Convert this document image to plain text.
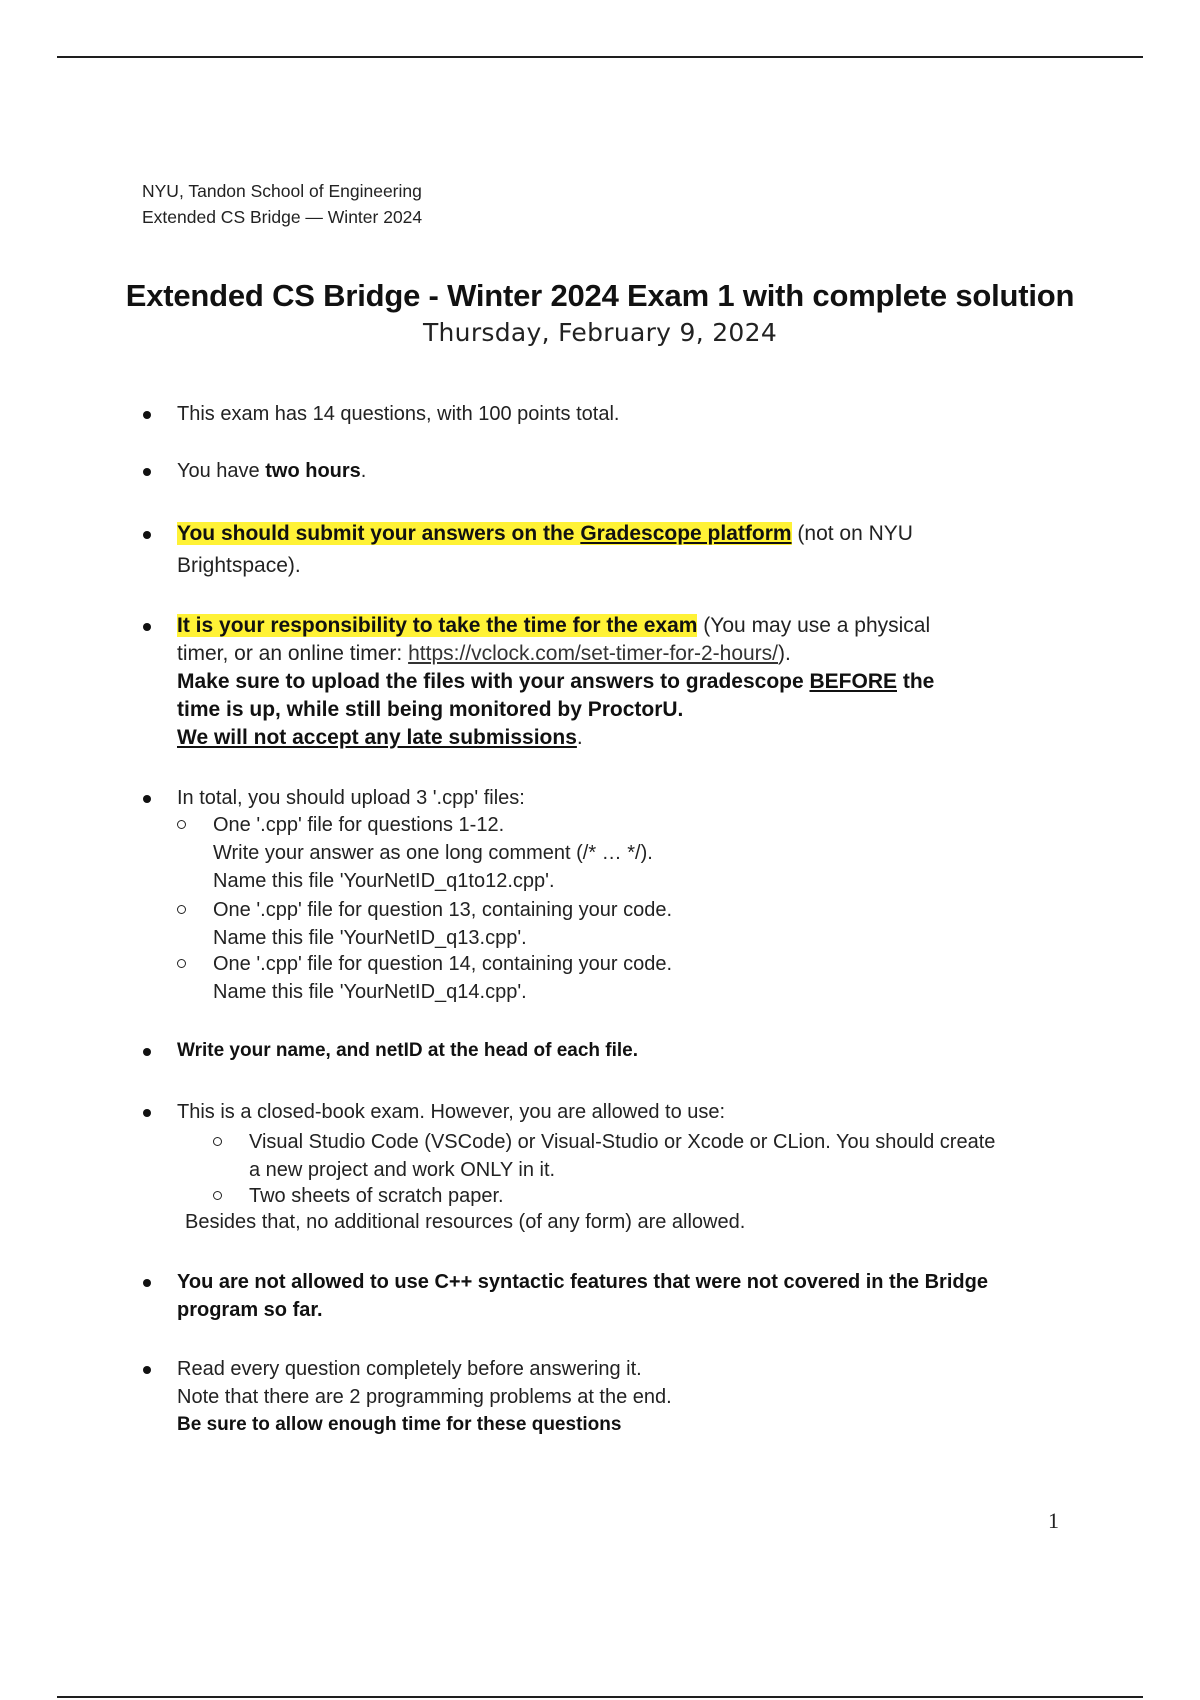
NYU, Tandon School of Engineering
Extended CS Bridge — Winter 2024
Extended CS Bridge - Winter 2024 Exam 1 with complete solution
Thursday, February 9, 2024
This exam has 14 questions, with 100 points total.
You have two hours.
You should submit your answers on the Gradescope platform (not on NYU
Brightspace).
It is your responsibility to take the time for the exam (You may use a physical
timer, or an online timer: https://vclock.com/set-timer-for-2-hours/).
Make sure to upload the files with your answers to gradescope BEFORE the
time is up, while still being monitored by ProctorU.
We will not accept any late submissions.
In total, you should upload 3 '.cpp' files:
One '.cpp' file for questions 1-12.
Write your answer as one long comment (/* … */).
Name this file 'YourNetID_q1to12.cpp'.
One '.cpp' file for question 13, containing your code.
Name this file 'YourNetID_q13.cpp'.
One '.cpp' file for question 14, containing your code.
Name this file 'YourNetID_q14.cpp'.
Write your name, and netID at the head of each file.
This is a closed-book exam. However, you are allowed to use:
Visual Studio Code (VSCode) or Visual-Studio or Xcode or CLion. You should create
a new project and work ONLY in it.
Two sheets of scratch paper.
Besides that, no additional resources (of any form) are allowed.
You are not allowed to use C++ syntactic features that were not covered in the Bridge
program so far.
Read every question completely before answering it.
Note that there are 2 programming problems at the end.
Be sure to allow enough time for these questions
1
